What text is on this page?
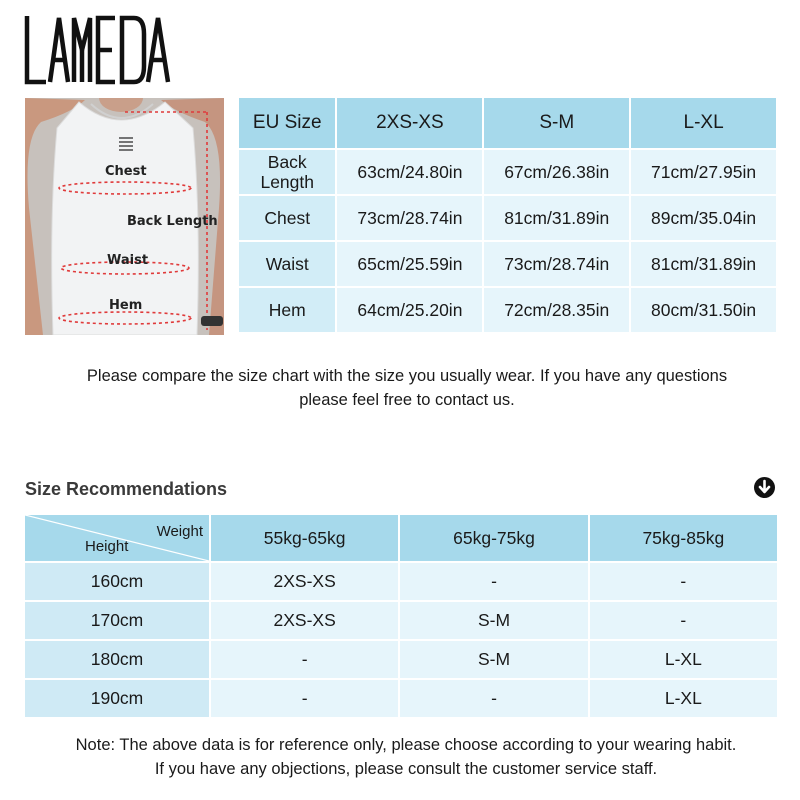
Chest
Back Length
Waist
Hem
EU Size	2XS-XS	S-M	L-XL
Back Length	63cm/24.80in	67cm/26.38in	71cm/27.95in
Chest	73cm/28.74in	81cm/31.89in	89cm/35.04in
Waist	65cm/25.59in	73cm/28.74in	81cm/31.89in
Hem	64cm/25.20in	72cm/28.35in	80cm/31.50in
Please compare the size chart with the size you usually wear. If you have any questions
please feel free to contact us.
Size Recommendations
Weight
Height	55kg-65kg	65kg-75kg	75kg-85kg
160cm	2XS-XS	-	-
170cm	2XS-XS	S-M	-
180cm	-	S-M	L-XL
190cm	-	-	L-XL
Note: The above data is for reference only, please choose according to your wearing habit.
If you have any objections, please consult the customer service staff.
